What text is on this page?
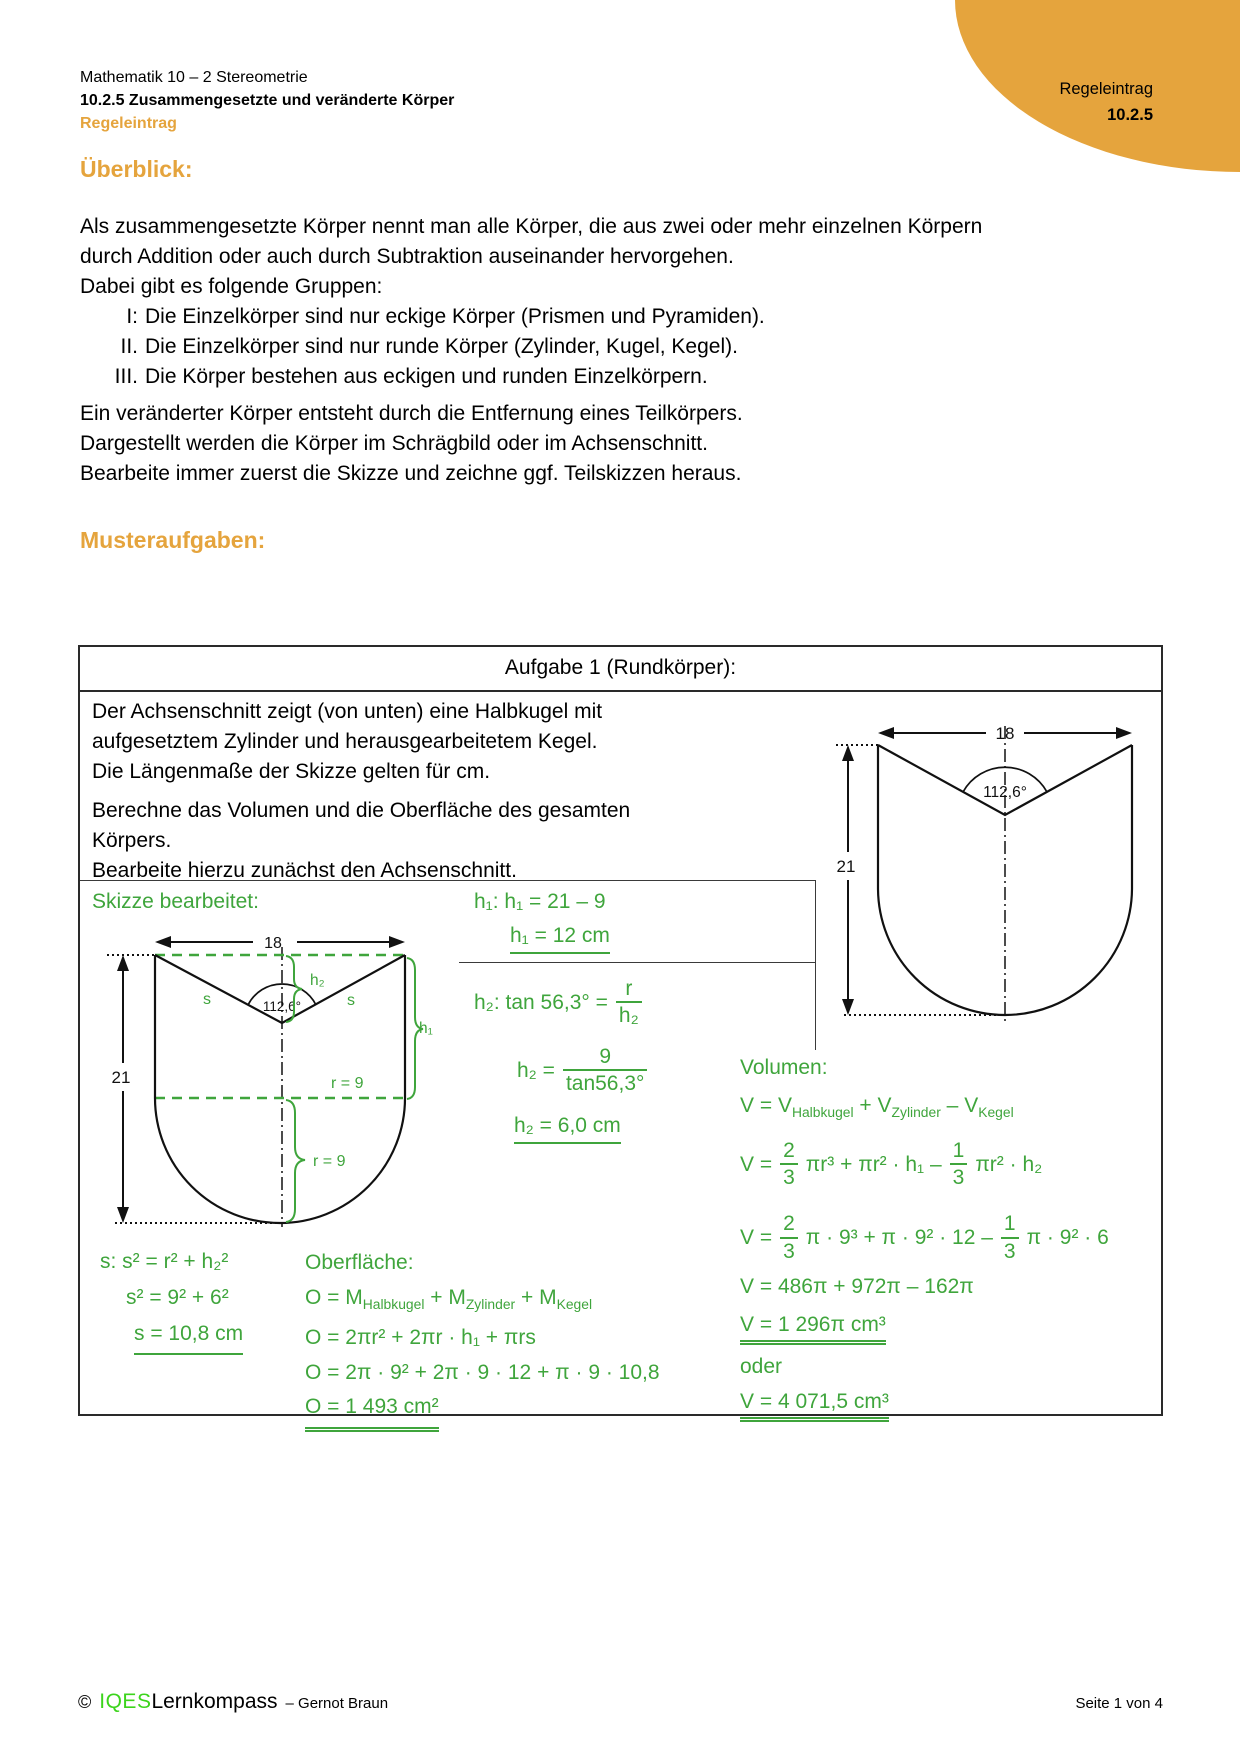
Regeleintrag
10.2.5
Mathematik 10 – 2 Stereometrie
10.2.5 Zusammengesetzte und veränderte Körper
Regeleintrag
Überblick:
Als zusammengesetzte Körper nennt man alle Körper, die aus zwei oder mehr einzelnen Körpern
durch Addition oder auch durch Subtraktion auseinander hervorgehen.
Dabei gibt es folgende Gruppen:
I: Die Einzelkörper sind nur eckige Körper (Prismen und Pyramiden).
II. Die Einzelkörper sind nur runde Körper (Zylinder, Kugel, Kegel).
III. Die Körper bestehen aus eckigen und runden Einzelkörpern.
Ein veränderter Körper entsteht durch die Entfernung eines Teilkörpers.
Dargestellt werden die Körper im Schrägbild oder im Achsenschnitt.
Bearbeite immer zuerst die Skizze und zeichne ggf. Teilskizzen heraus.
Musteraufgaben:
Aufgabe 1 (Rundkörper):
Der Achsenschnitt zeigt (von unten) eine Halbkugel mit
aufgesetztem Zylinder und herausgearbeitetem Kegel.
Die Längenmaße der Skizze gelten für cm.
Berechne das Volumen und die Oberfläche des gesamten
Körpers.
Bearbeite hierzu zunächst den Achsenschnitt.
Skizze bearbeitet:	h₁: h₁ = 21 – 9
h₁ = 12 cm
h₂: $\tan 56,3^\circ = \frac{r}{\text{h₂}}$
$h_2 = \frac{9}{\tan 56,3^\circ}$
h₂ = 6,0 cm
s: s² = r² + h₂²
s² = 9² + 6²
s = 10,8 cm
Oberfläche:
$O = M_{Halbkugel} + M_{Zylinder} + M_{Kegel}$
O = 2πr² + 2πr · h₁ + πrs
O = 2π · 9² + 2π · 9 · 12 + π · 9 · 10,8
O = 1 493 cm²
Volumen:
$V = V_{Halbkugel} + V_{Zylinder} - V_{Kegel}$
$V = \frac{2}{3} \pi r^3 + \pi r^2 \cdot h_1 - \frac{1}{3} \pi r^2 \cdot h_2$
$V = \frac{2}{3}$ $\pi \cdot 9^3 + \pi \cdot 9^2 \cdot 12 - \frac{1}{3}$ π · 9² · 6
V = 486π + 972π – 162π
V = 1 296π cm³
oder
V = 4 071,5 cm³
112,6°
18
21
112,6°
18
21
s	s
h₂
h₁
r = 9
r = 9
© IQES Lernkompass – Gernot Braun	Seite 1 von 4
